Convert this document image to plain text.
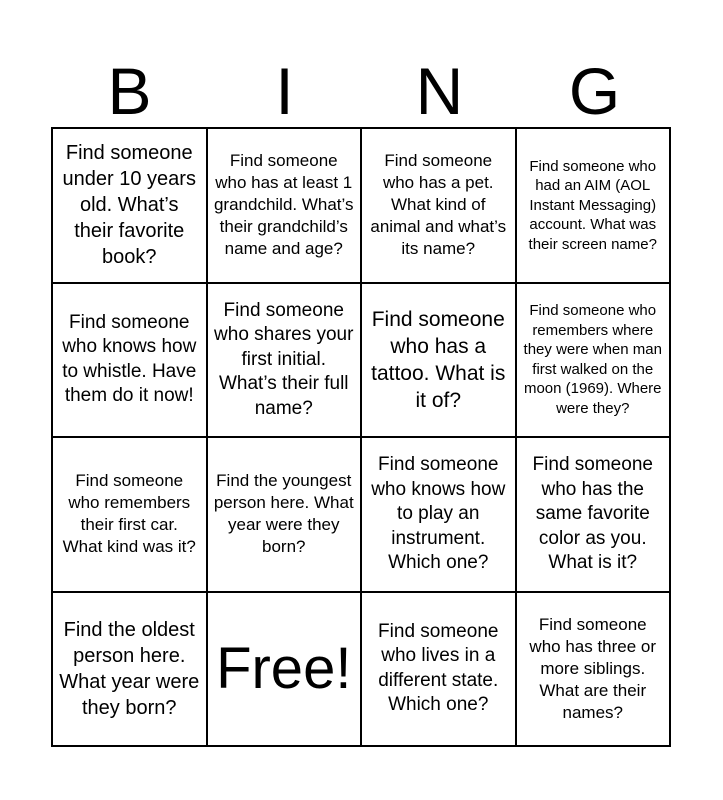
B	I	N	G
Find someone under 10 years old. What’s their favorite book?
Find someone who has at least 1 grandchild. What’s their grandchild’s name and age?
Find someone who has a pet. What kind of animal and what’s its name?
Find someone who had an AIM (AOL Instant Messaging) account. What was their screen name?
Find someone who knows how to whistle. Have them do it now!
Find someone who shares your first initial. What’s their full name?
Find someone who has a tattoo. What is it of?
Find someone who remembers where they were when man first walked on the moon (1969). Where were they?
Find someone who remembers their first car. What kind was it?
Find the youngest person here. What year were they born?
Find someone who knows how to play an instrument. Which one?
Find someone who has the same favorite color as you. What is it?
Find the oldest person here. What year were they born?
Free!
Find someone who lives in a different state. Which one?
Find someone who has three or more siblings. What are their names?
